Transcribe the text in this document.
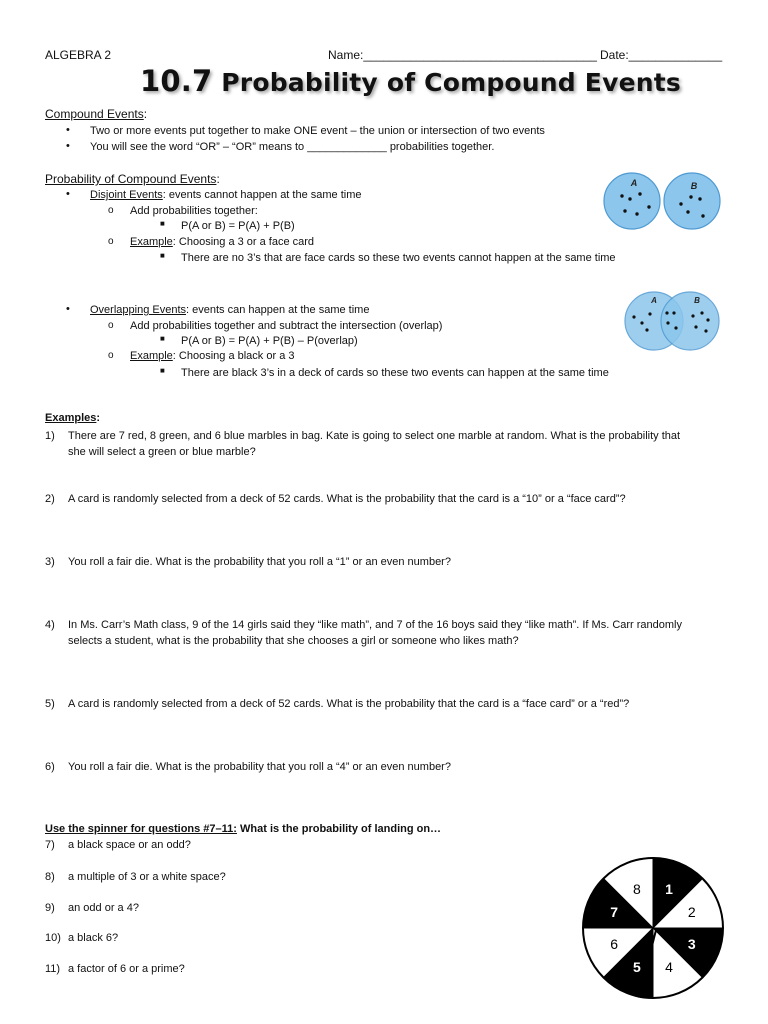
ALGEBRA 2	Name:___________________________________ Date:______________
10.7 Probability of Compound Events
Compound Events:
• Two or more events put together to make ONE event – the union or intersection of two events
• You will see the word “OR” – “OR” means to _____________ probabilities together.
Probability of Compound Events:
• Disjoint Events: events cannot happen at the same time
o Add probabilities together:
■ P(A or B) = P(A) + P(B)
o Example: Choosing a 3 or a face card
■ There are no 3’s that are face cards so these two events cannot happen at the same time
A	B
• Overlapping Events: events can happen at the same time
o Add probabilities together and subtract the intersection (overlap)
■ P(A or B) = P(A) + P(B) – P(overlap)
o Example: Choosing a black or a 3
■ There are black 3’s in a deck of cards so these two events can happen at the same time
A	B
Examples:
1) There are 7 red, 8 green, and 6 blue marbles in bag. Kate is going to select one marble at random. What is the probability that
she will select a green or blue marble?
2) A card is randomly selected from a deck of 52 cards. What is the probability that the card is a “10” or a “face card”?
3) You roll a fair die. What is the probability that you roll a “1” or an even number?
4) In Ms. Carr’s Math class, 9 of the 14 girls said they “like math”, and 7 of the 16 boys said they “like math”. If Ms. Carr randomly
selects a student, what is the probability that she chooses a girl or someone who likes math?
5) A card is randomly selected from a deck of 52 cards. What is the probability that the card is a “face card” or a “red”?
6) You roll a fair die. What is the probability that you roll a “4” or an even number?
Use the spinner for questions #7–11: What is the probability of landing on…
7) a black space or an odd?
8) a multiple of 3 or a white space?
9) an odd or a 4?
10) a black 6?
11) a factor of 6 or a prime?
1
2
3
4
5
6
7
8
